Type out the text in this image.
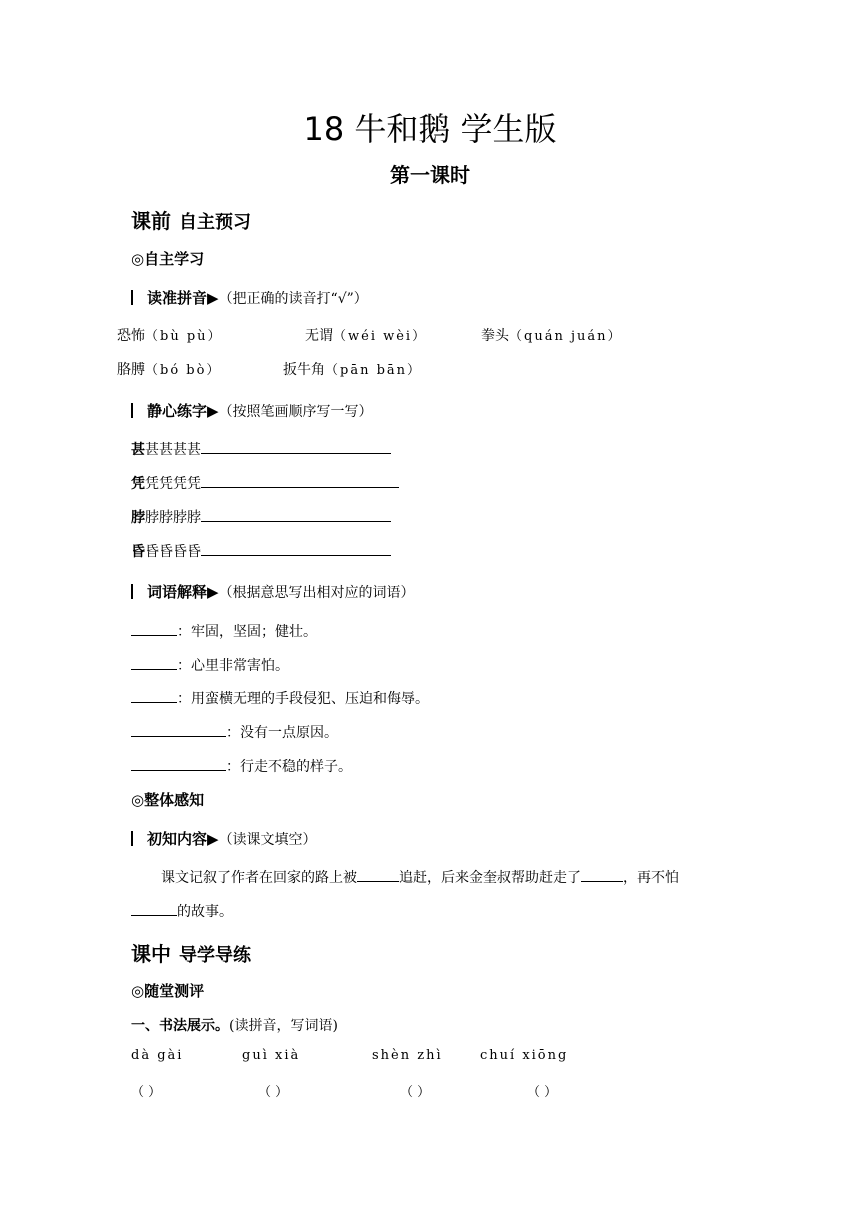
18 牛和鹅 学生版
第一课时
课前 自主预习
◎自主学习
读准拼音▶（把正确的读音打“√”）
恐怖（bù pù）	无谓（wéi wèi）	拳头（quán juán）
胳膊（bó bò）	扳牛角（pān bān）
静心练字▶（按照笔画顺序写一写）
甚甚甚甚甚
凭凭凭凭凭
脖脖脖脖脖
昏昏昏昏昏
词语解释▶（根据意思写出相对应的词语）
：牢固，坚固；健壮。
：心里非常害怕。
：用蛮横无理的手段侵犯、压迫和侮辱。
：没有一点原因。
：行走不稳的样子。
◎整体感知
初知内容▶（读课文填空）
课文记叙了作者在回家的路上被	追赶，后来金奎叔帮助赶走了	，再不怕
的故事。
课中 导学导练
◎随堂测评
一、书法展示。(读拼音，写词语)
dà gài	guì xià	shèn zhì	chuí xiōng
（ ）	（ ）	（ ）	（ ）
